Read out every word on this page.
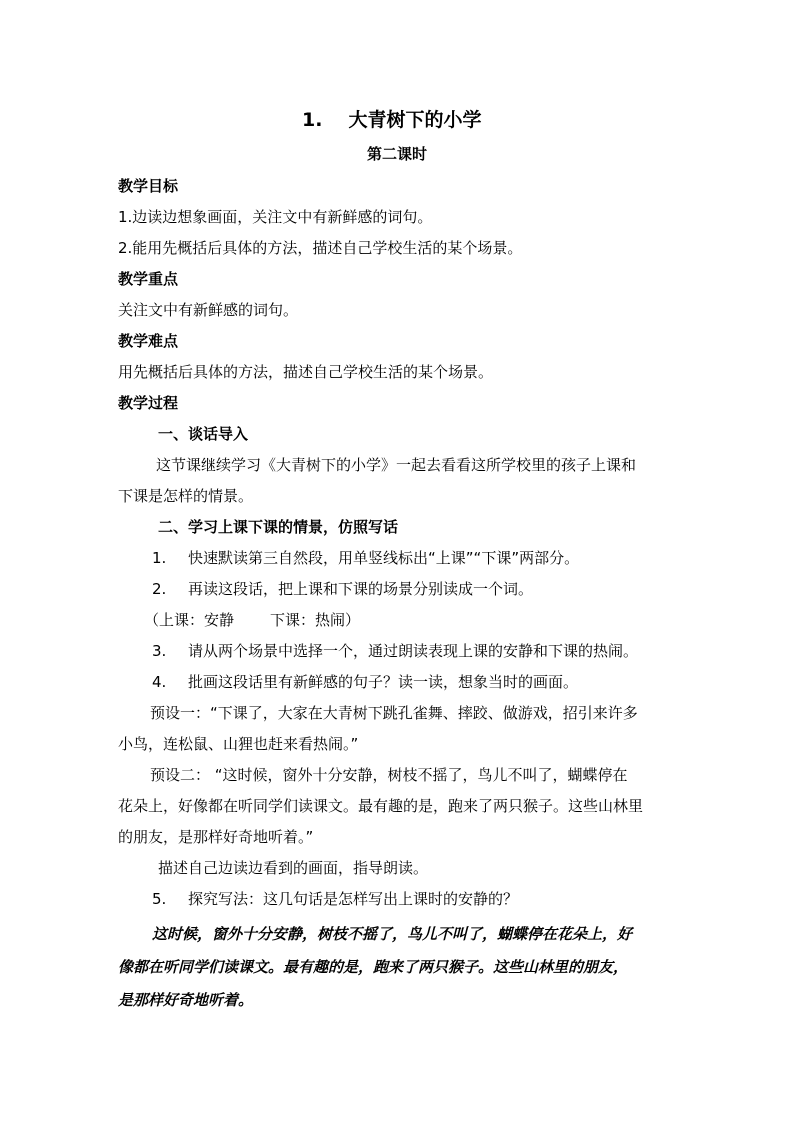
1. 大青树下的小学
第二课时
教学目标
1.边读边想象画面，关注文中有新鲜感的词句。
2.能用先概括后具体的方法，描述自己学校生活的某个场景。
教学重点
关注文中有新鲜感的词句。
教学难点
用先概括后具体的方法，描述自己学校生活的某个场景。
教学过程
一、谈话导入
这节课继续学习《大青树下的小学》一起去看看这所学校里的孩子上课和
下课是怎样的情景。
二、学习上课下课的情景，仿照写话
1. 快速默读第三自然段，用单竖线标出“上课”“下课”两部分。
2. 再读这段话，把上课和下课的场景分别读成一个词。
（上课：安静 下课：热闹）
3. 请从两个场景中选择一个，通过朗读表现上课的安静和下课的热闹。
4. 批画这段话里有新鲜感的句子？读一读，想象当时的画面。
预设一：“下课了，大家在大青树下跳孔雀舞、摔跤、做游戏，招引来许多
小鸟，连松鼠、山狸也赶来看热闹。”
预设二： “这时候，窗外十分安静，树枝不摇了，鸟儿不叫了，蝴蝶停在
花朵上，好像都在听同学们读课文。最有趣的是，跑来了两只猴子。这些山林里
的朋友，是那样好奇地听着。”
描述自己边读边看到的画面，指导朗读。
5. 探究写法：这几句话是怎样写出上课时的安静的？
这时候，窗外十分安静，树枝不摇了，鸟儿不叫了，蝴蝶停在花朵上，好
像都在听同学们读课文。最有趣的是，跑来了两只猴子。这些山林里的朋友，
是那样好奇地听着。
